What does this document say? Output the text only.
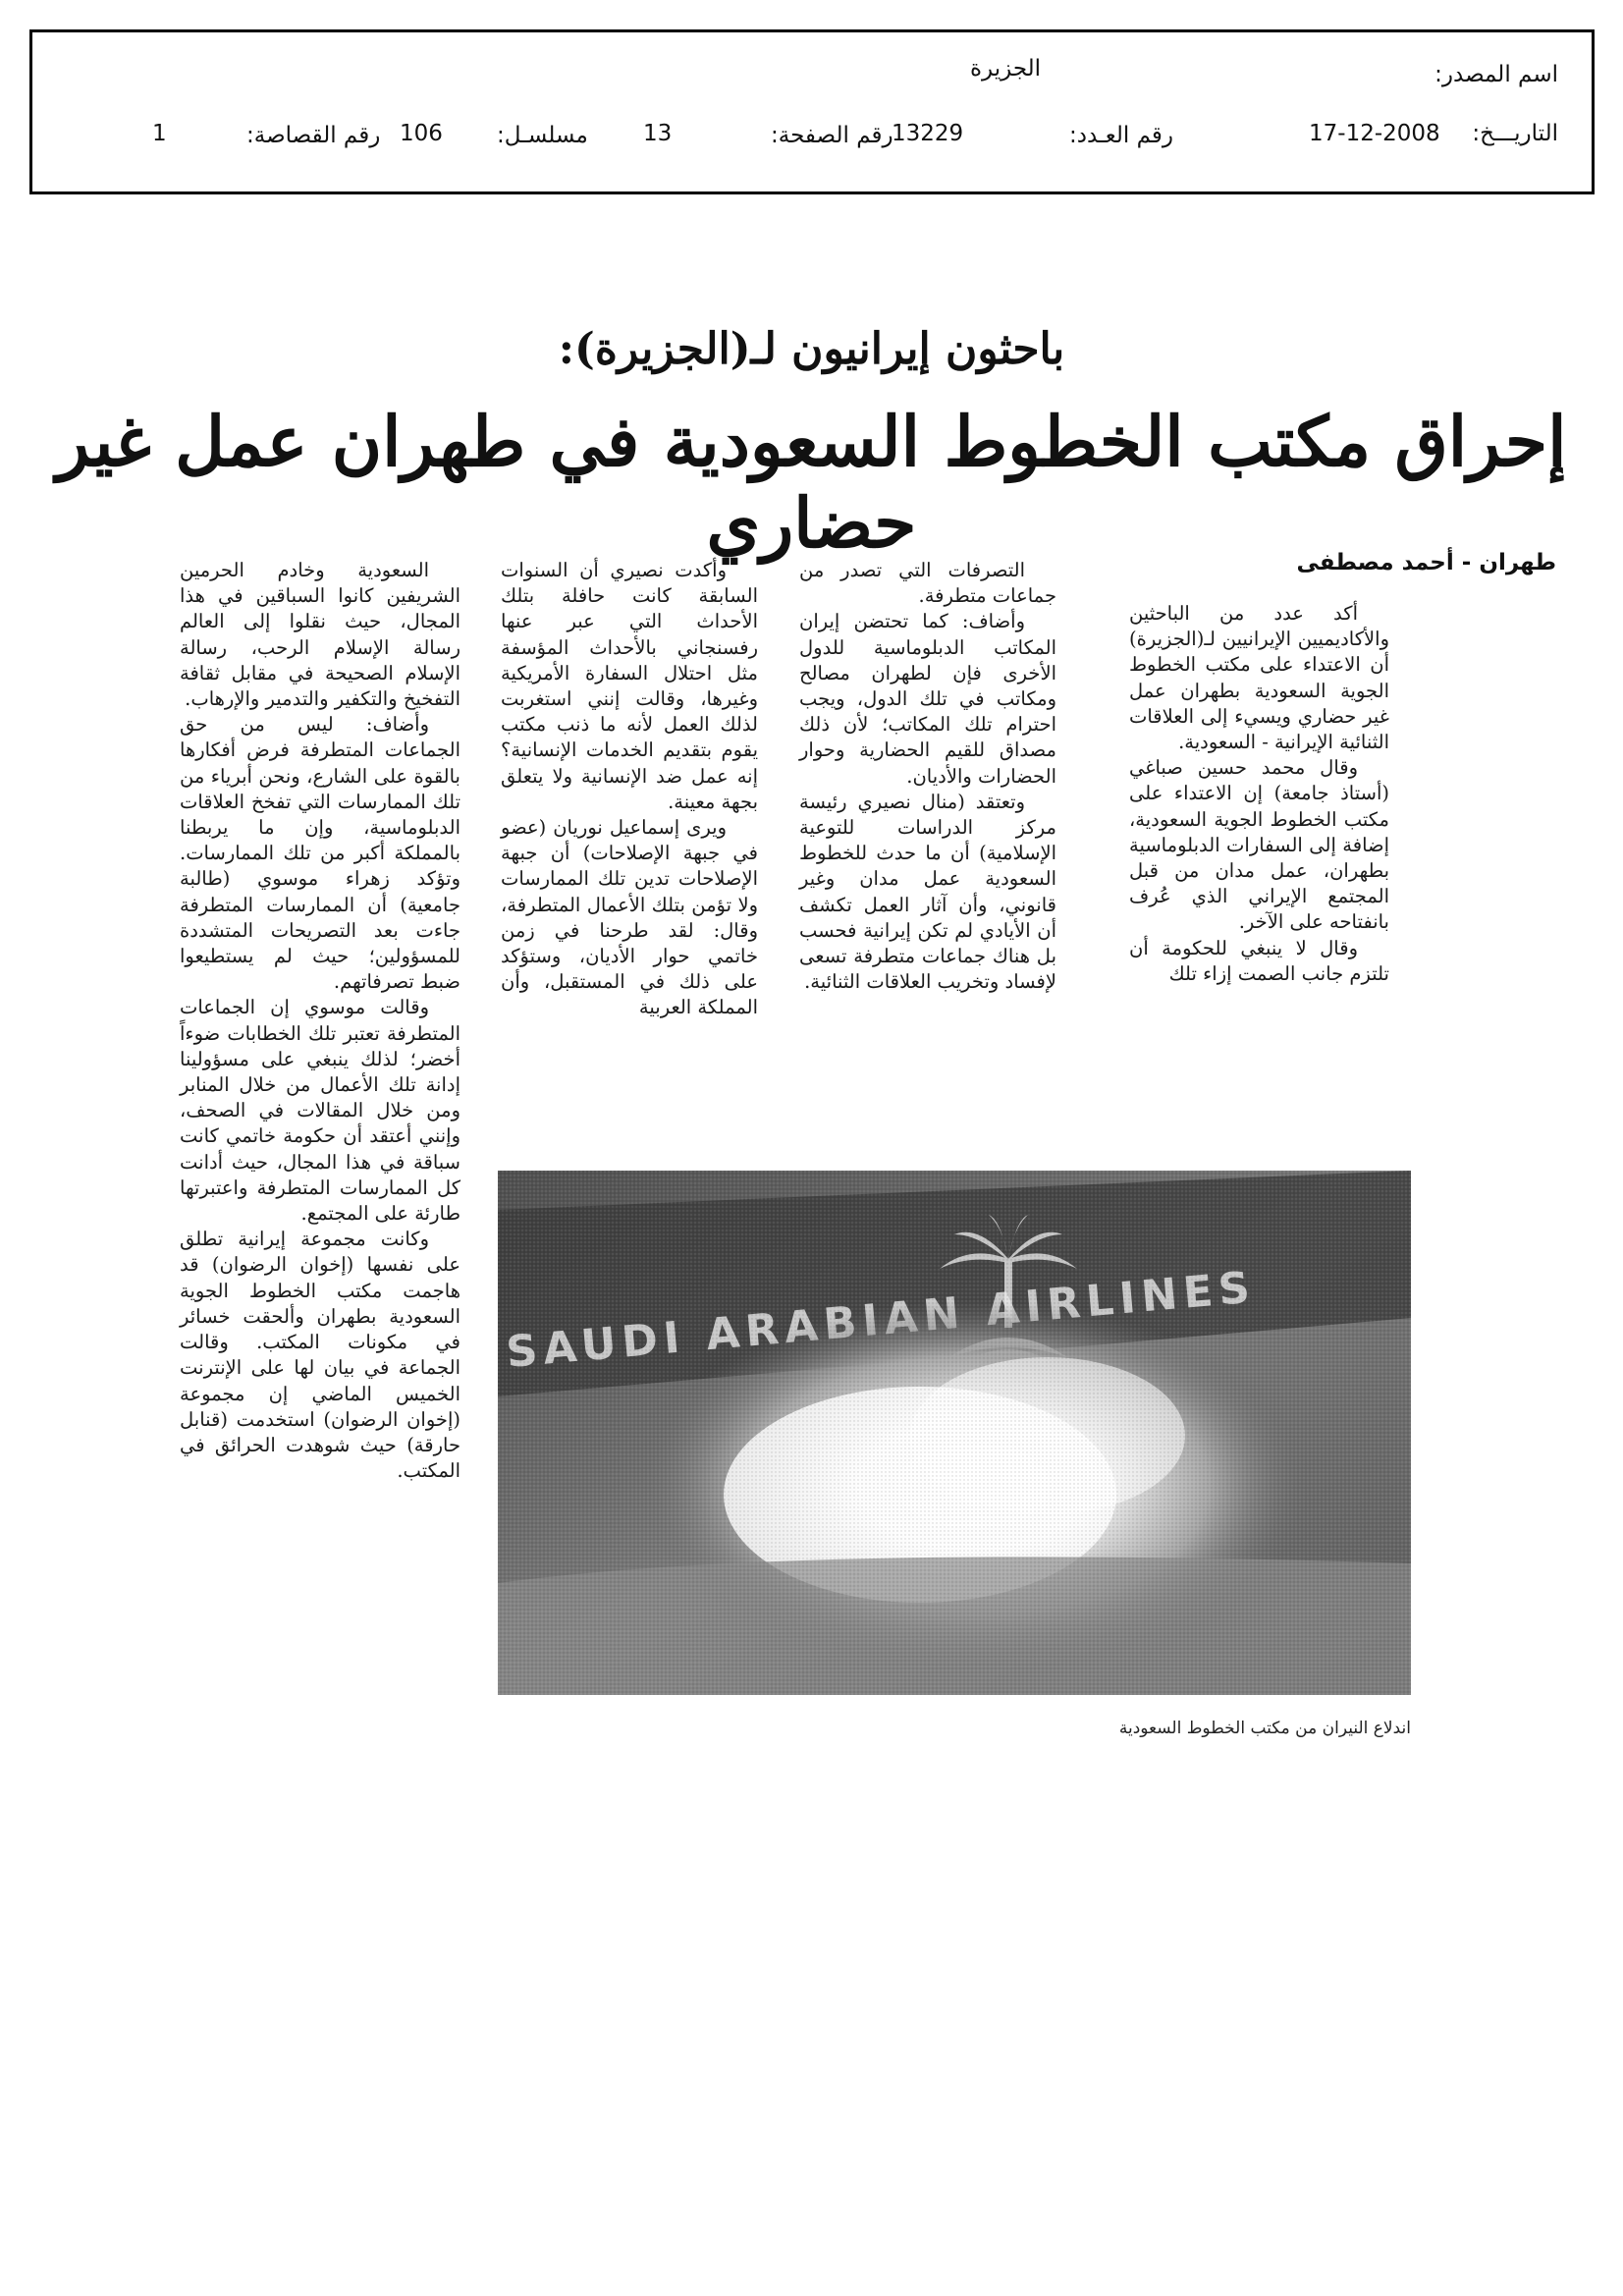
اسم المصدر:
الجزيرة
التاريـــخ:
17-12-2008
رقم العـدد:
13229
رقم الصفحة:
13
مسلسـل:
106
رقم القصاصة:
1
باحثون إيرانيون لـ(الجزيرة):
إحراق مكتب الخطوط السعودية في طهران عمل غير حضاري	طهران - أحمد مصطفى

أكد عدد من الباحثين والأكاديميين الإيرانيين لـ(الجزيرة) أن الاعتداء على مكتب الخطوط الجوية السعودية بطهران عمل غير حضاري ويسيء إلى العلاقات الثنائية الإيرانية - السعودية.

وقال محمد حسين صباغي (أستاذ جامعة) إن الاعتداء على مكتب الخطوط الجوية السعودية، إضافة إلى السفارات الدبلوماسية بطهران، عمل مدان من قبل المجتمع الإيراني الذي عُرف بانفتاحه على الآخر.

وقال لا ينبغي للحكومة أن تلتزم جانب الصمت إزاء تلك

التصرفات التي تصدر من جماعات متطرفة.

وأضاف: كما تحتضن إيران المكاتب الدبلوماسية للدول الأخرى فإن لطهران مصالح ومكاتب في تلك الدول، ويجب احترام تلك المكاتب؛ لأن ذلك مصداق للقيم الحضارية وحوار الحضارات والأديان.

وتعتقد (منال نصيري رئيسة مركز الدراسات للتوعية الإسلامية) أن ما حدث للخطوط السعودية عمل مدان وغير قانوني، وأن آثار العمل تكشف أن الأيادي لم تكن إيرانية فحسب بل هناك جماعات متطرفة تسعى لإفساد وتخريب العلاقات الثنائية.

وأكدت نصيري أن السنوات السابقة كانت حافلة بتلك الأحداث التي عبر عنها رفسنجاني بالأحداث المؤسفة مثل احتلال السفارة الأمريكية وغيرها، وقالت إنني استغربت لذلك العمل لأنه ما ذنب مكتب يقوم بتقديم الخدمات الإنسانية؟ إنه عمل ضد الإنسانية ولا يتعلق بجهة معينة.

ويرى إسماعيل نوريان (عضو في جبهة الإصلاحات) أن جبهة الإصلاحات تدين تلك الممارسات ولا تؤمن بتلك الأعمال المتطرفة، وقال: لقد طرحنا في زمن خاتمي حوار الأديان، وستؤكد على ذلك في المستقبل، وأن المملكة العربية

السعودية وخادم الحرمين الشريفين كانوا السباقين في هذا المجال، حيث نقلوا إلى العالم رسالة الإسلام الرحب، رسالة الإسلام الصحيحة في مقابل ثقافة التفخيخ والتكفير والتدمير والإرهاب.

وأضاف: ليس من حق الجماعات المتطرفة فرض أفكارها بالقوة على الشارع، ونحن أبرياء من تلك الممارسات التي تفخخ العلاقات الدبلوماسية، وإن ما يربطنا بالمملكة أكبر من تلك الممارسات. وتؤكد زهراء موسوي (طالبة جامعية) أن الممارسات المتطرفة جاءت بعد التصريحات المتشددة للمسؤولين؛ حيث لم يستطيعوا ضبط تصرفاتهم.

وقالت موسوي إن الجماعات المتطرفة تعتبر تلك الخطابات ضوءاً أخضر؛ لذلك ينبغي على مسؤولينا إدانة تلك الأعمال من خلال المنابر ومن خلال المقالات في الصحف، وإنني أعتقد أن حكومة خاتمي كانت سباقة في هذا المجال، حيث أدانت كل الممارسات المتطرفة واعتبرتها طارئة على المجتمع.

وكانت مجموعة إيرانية تطلق على نفسها (إخوان الرضوان) قد هاجمت مكتب الخطوط الجوية السعودية بطهران وألحقت خسائر في مكونات المكتب. وقالت الجماعة في بيان لها على الإنترنت الخميس الماضي إن مجموعة (إخوان الرضوان) استخدمت (قنابل حارقة) حيث شوهدت الحرائق في المكتب.

اندلاع النيران من مكتب الخطوط السعودية
